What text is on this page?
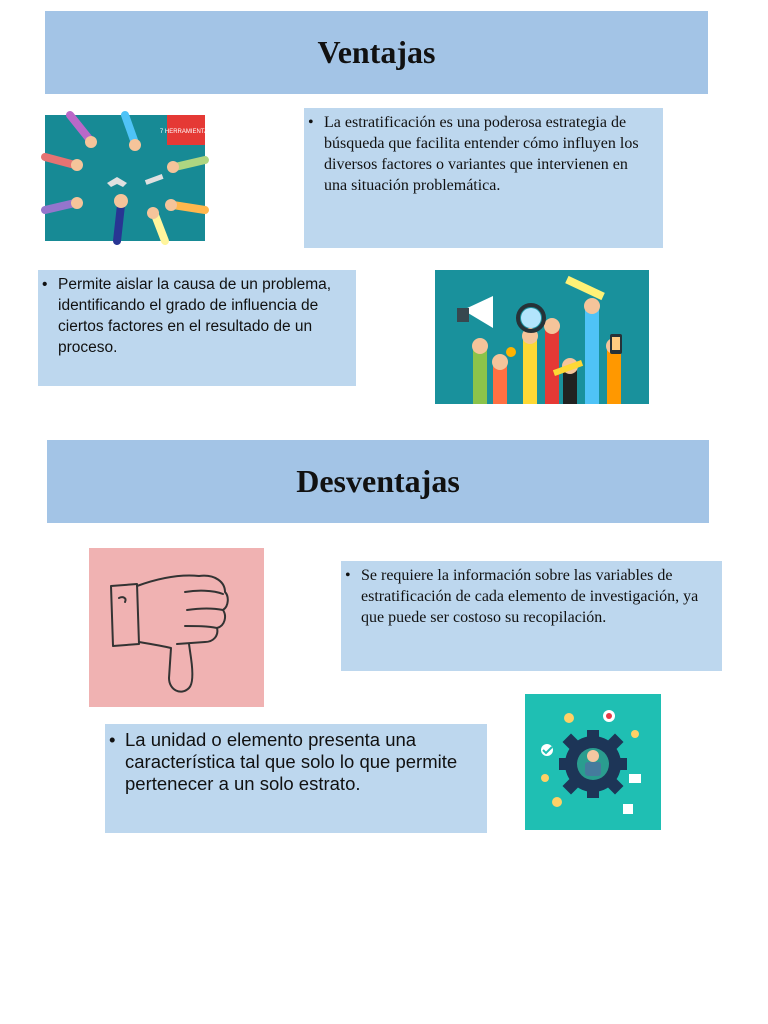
Ventajas
7 HERRAMIENTAS
• La estratificación es una poderosa estrategia de búsqueda que facilita entender cómo influyen los diversos factores o variantes que intervienen en una situación problemática.
• Permite aislar la causa de un problema, identificando el grado de influencia de ciertos factores en el resultado de un proceso.
Desventajas
• Se requiere la información sobre las variables de estratificación de cada elemento de investigación, ya que puede ser costoso su recopilación.
• La unidad o elemento presenta una característica tal que solo lo que permite pertenecer a un solo estrato.
